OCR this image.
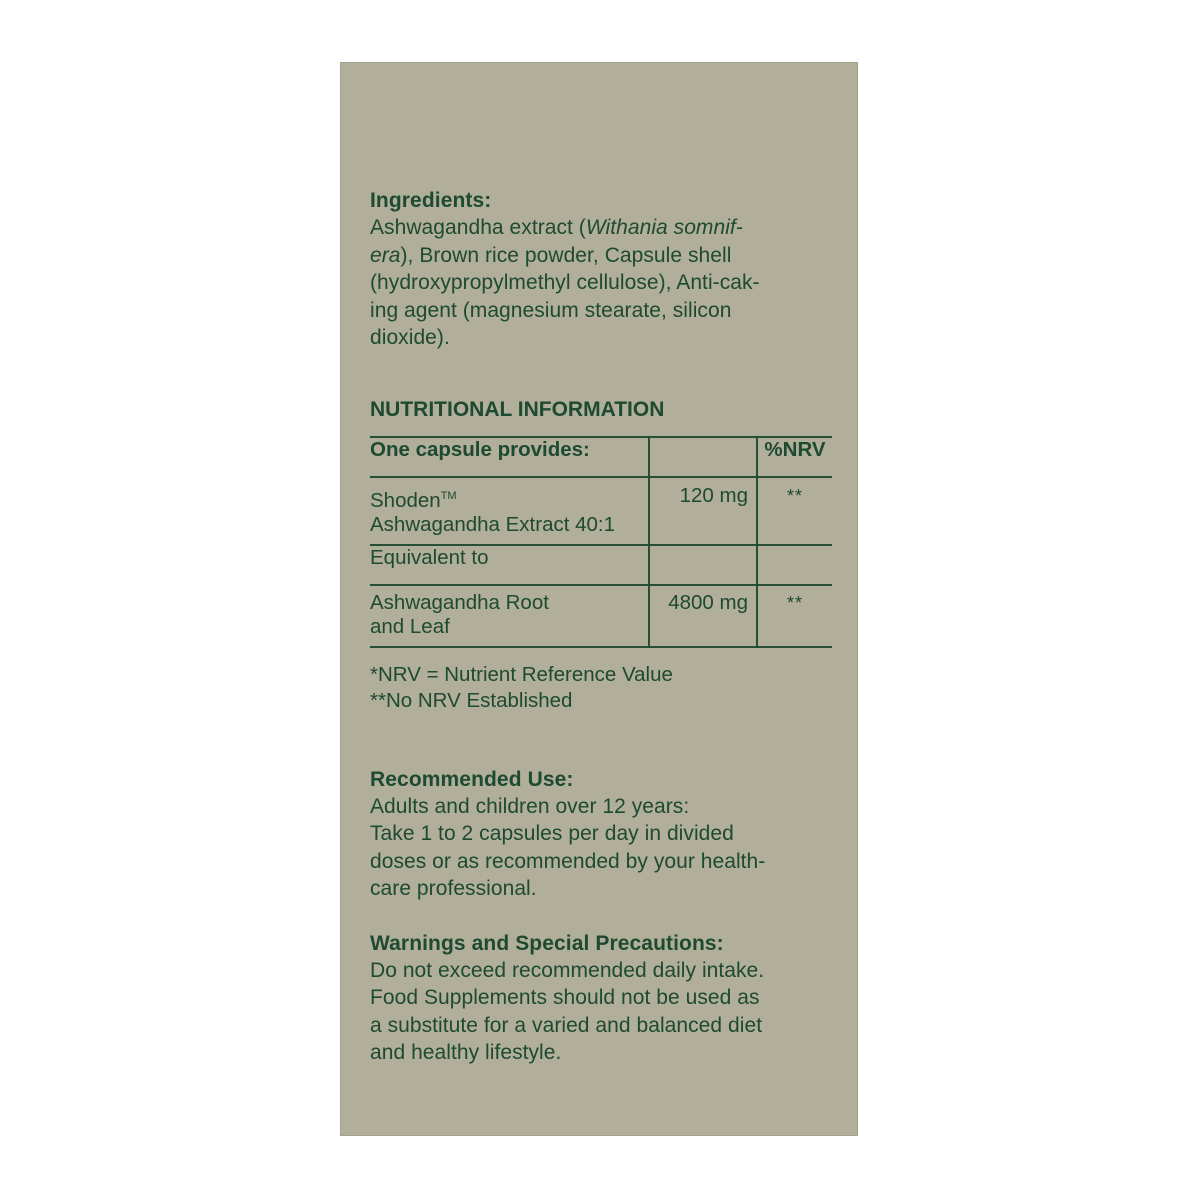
Ingredients:
Ashwagandha extract (Withania somnif-
era), Brown rice powder, Capsule shell
(hydroxypropylmethyl cellulose), Anti-cak-
ing agent (magnesium stearate, silicon
dioxide).
NUTRITIONAL INFORMATION
One capsule provides:		%NRV

Shoden™
Ashwagandha Extract 40:1	120 mg	**

Equivalent to		

Ashwagandha Root
and Leaf	4800 mg	**
*NRV = Nutrient Reference Value
**No NRV Established
Recommended Use:
Adults and children over 12 years:
Take 1 to 2 capsules per day in divided
doses or as recommended by your health-
care professional.
Warnings and Special Precautions:
Do not exceed recommended daily intake.
Food Supplements should not be used as
a substitute for a varied and balanced diet
and healthy lifestyle.
